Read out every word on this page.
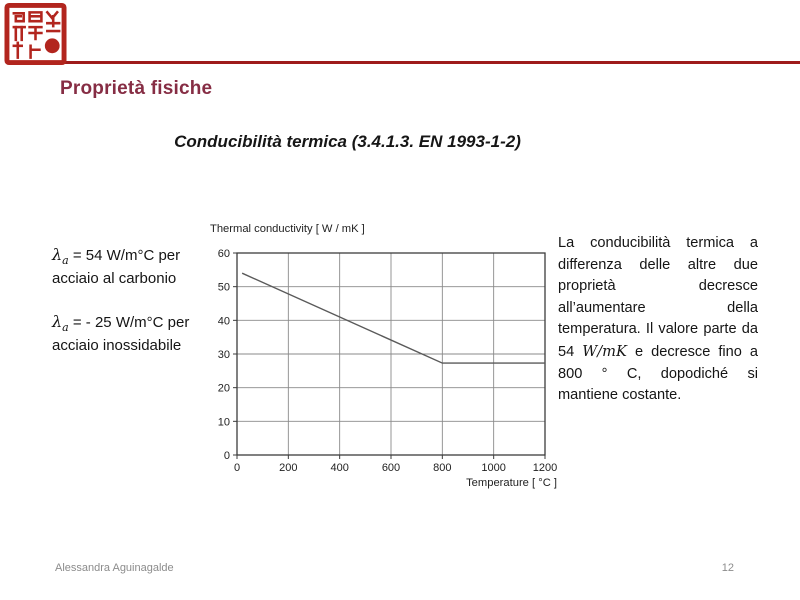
Proprietà fisiche
Conducibilità termica (3.4.1.3. EN 1993-1-2)
$\lambda_a = 54$ W/m°C per
acciaio al carbonio
$\lambda_a$ = - 25 W/m°C per
acciaio inossidabile
0
10
20
30
40
50
60
0	200	400	600	800	1000 1200
Thermal conductivity [ W / mK ]
Temperature [ °C ]

La conducibilità termica a differenza delle altre due proprietà decresce all’aumentare della temperatura. Il valore parte da 54 W/mK e decresce fino a 800 ° C, dopodiché si mantiene costante.

Alessandra Aguinagalde	12
